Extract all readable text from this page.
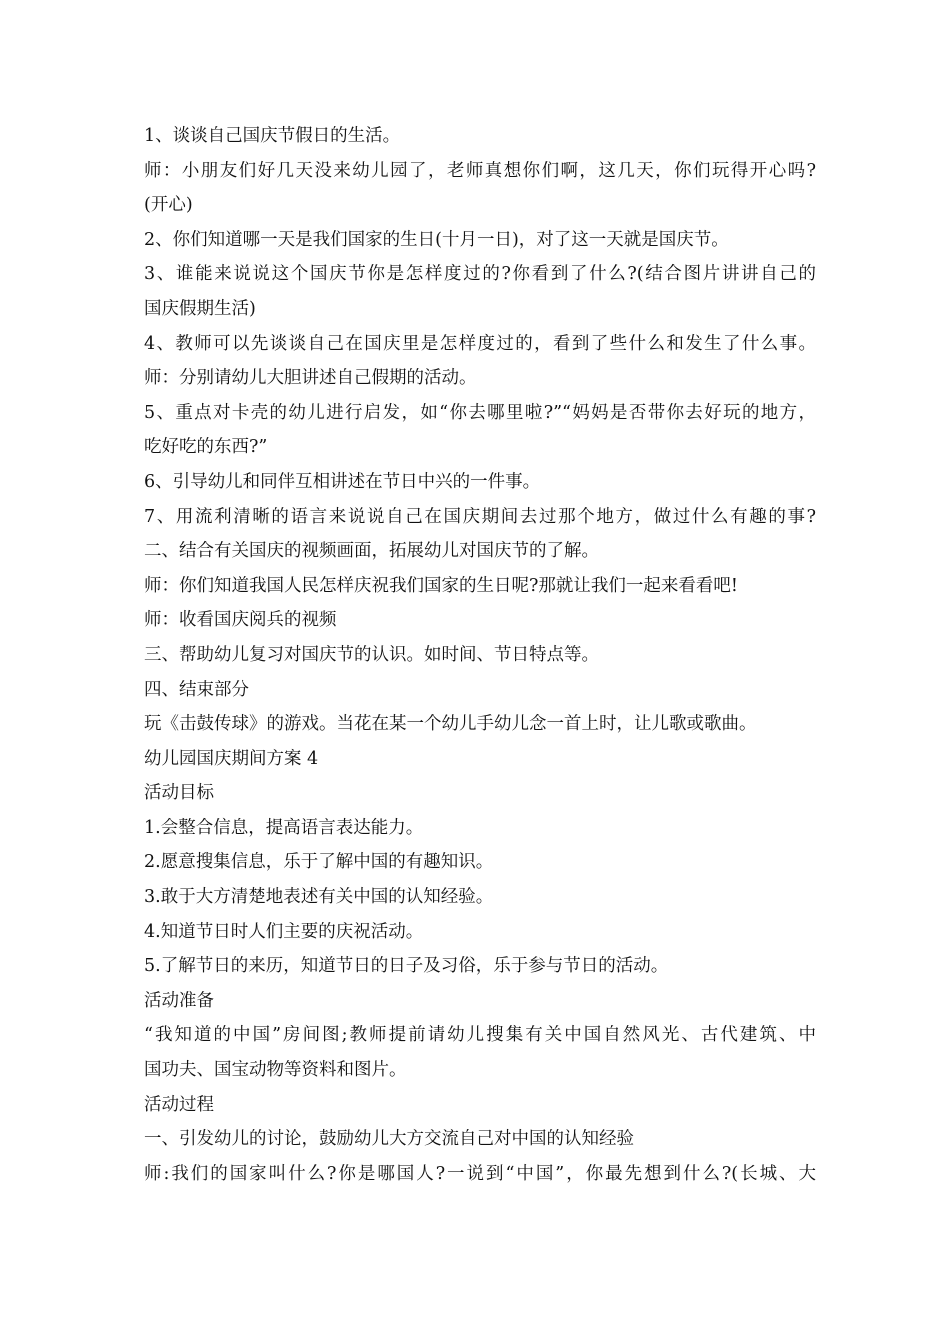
1、谈谈自己国庆节假日的生活。
师：小朋友们好几天没来幼儿园了，老师真想你们啊，这几天，你们玩得开心吗?
(开心)
2、你们知道哪一天是我们国家的生日(十月一日)，对了这一天就是国庆节。
3、谁能来说说这个国庆节你是怎样度过的?你看到了什么?(结合图片讲讲自己的
国庆假期生活)
4、教师可以先谈谈自己在国庆里是怎样度过的，看到了些什么和发生了什么事。
师：分别请幼儿大胆讲述自己假期的活动。
5、重点对卡壳的幼儿进行启发，如“你去哪里啦?”“妈妈是否带你去好玩的地方，
吃好吃的东西?”
6、引导幼儿和同伴互相讲述在节日中兴的一件事。
7、用流利清晰的语言来说说自己在国庆期间去过那个地方，做过什么有趣的事?
二、结合有关国庆的视频画面，拓展幼儿对国庆节的了解。
师：你们知道我国人民怎样庆祝我们国家的生日呢?那就让我们一起来看看吧!
师：收看国庆阅兵的视频
三、帮助幼儿复习对国庆节的认识。如时间、节日特点等。
四、结束部分
玩《击鼓传球》的游戏。当花在某一个幼儿手幼儿念一首上时，让儿歌或歌曲。
幼儿园国庆期间方案 4
活动目标
1.会整合信息，提高语言表达能力。
2.愿意搜集信息，乐于了解中国的有趣知识。
3.敢于大方清楚地表述有关中国的认知经验。
4.知道节日时人们主要的庆祝活动。
5.了解节日的来历，知道节日的日子及习俗，乐于参与节日的活动。
活动准备
“我知道的中国”房间图;教师提前请幼儿搜集有关中国自然风光、古代建筑、中
国功夫、国宝动物等资料和图片。
活动过程
一、引发幼儿的讨论，鼓励幼儿大方交流自己对中国的认知经验
师:我们的国家叫什么?你是哪国人?一说到“中国”，你最先想到什么?(长城、大
